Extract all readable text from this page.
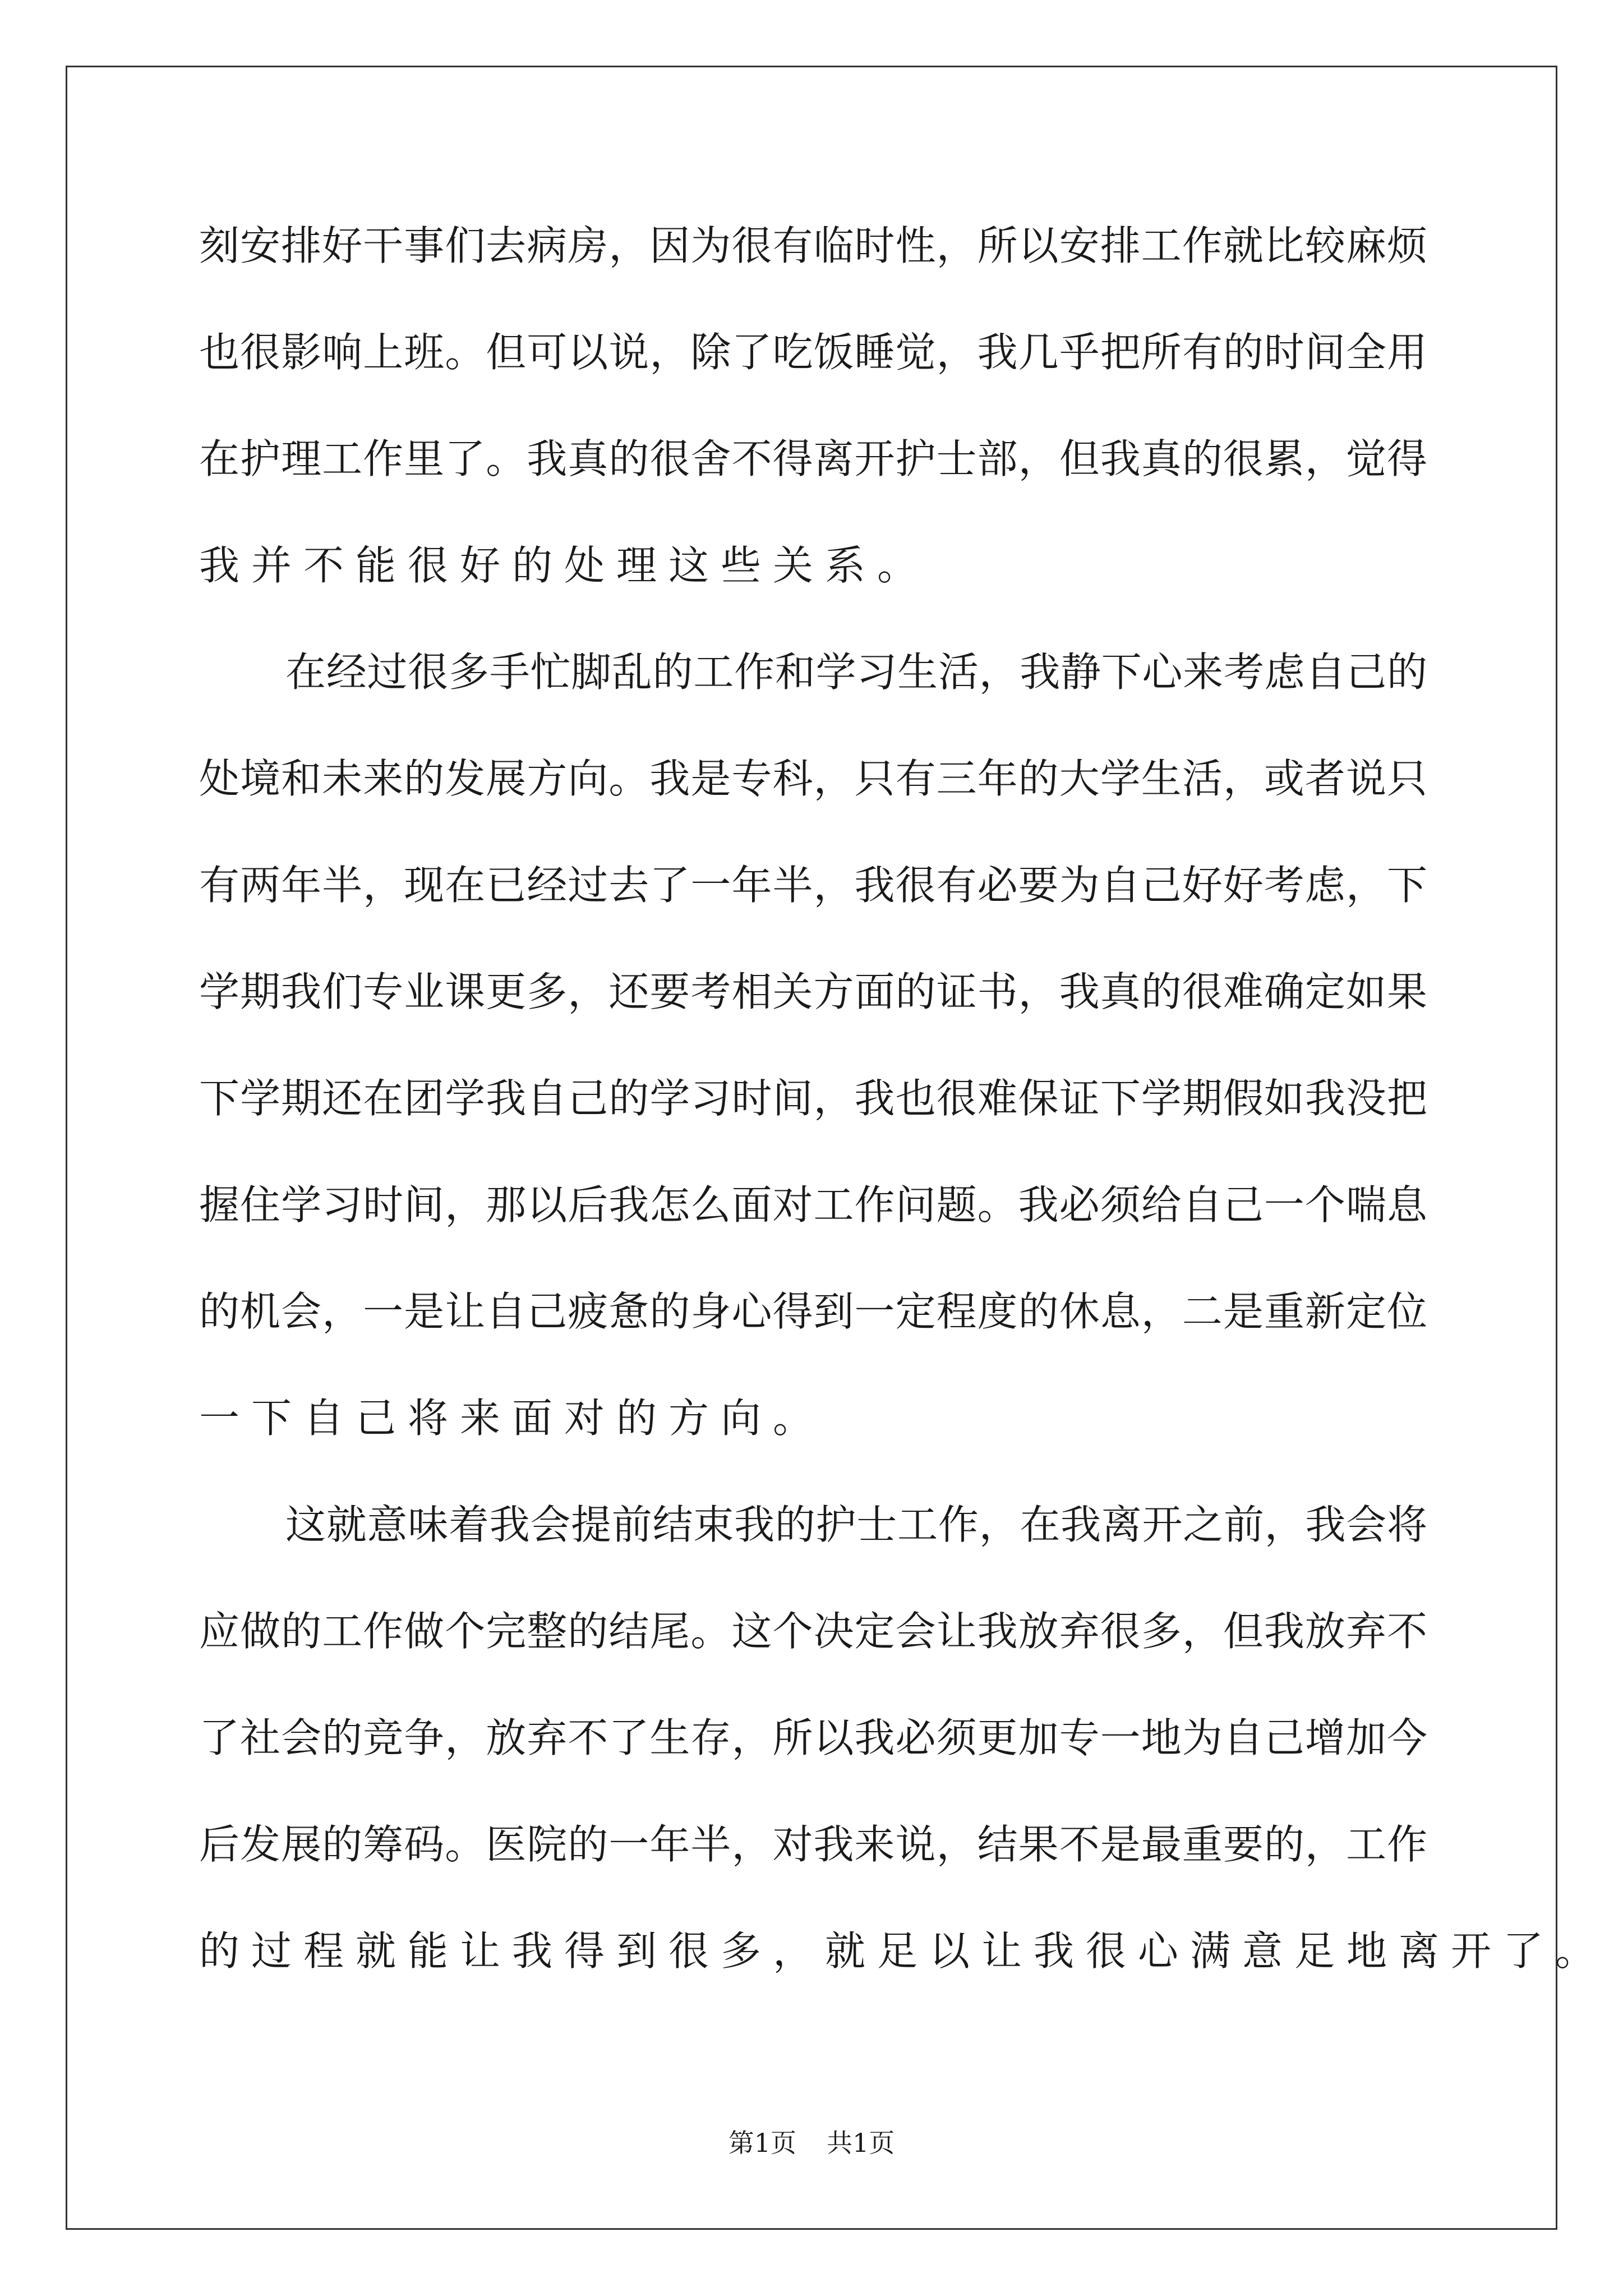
刻安排好干事们去病房，因为很有临时性，所以安排工作就比较麻烦
也很影响上班。但可以说，除了吃饭睡觉，我几乎把所有的时间全用
在护理工作里了。我真的很舍不得离开护士部，但我真的很累，觉得
我并不能很好的处理这些关系。
在经过很多手忙脚乱的工作和学习生活，我静下心来考虑自己的
处境和未来的发展方向。我是专科，只有三年的大学生活，或者说只
有两年半，现在已经过去了一年半，我很有必要为自己好好考虑，下
学期我们专业课更多，还要考相关方面的证书，我真的很难确定如果
下学期还在团学我自己的学习时间，我也很难保证下学期假如我没把
握住学习时间，那以后我怎么面对工作问题。我必须给自己一个喘息
的机会，一是让自己疲惫的身心得到一定程度的休息，二是重新定位
一下自己将来面对的方向。
这就意味着我会提前结束我的护士工作，在我离开之前，我会将
应做的工作做个完整的结尾。这个决定会让我放弃很多，但我放弃不
了社会的竞争，放弃不了生存，所以我必须更加专一地为自己增加今
后发展的筹码。医院的一年半，对我来说，结果不是最重要的，工作
的过程就能让我得到很多，就足以让我很心满意足地离开了。
第1页 共1页
